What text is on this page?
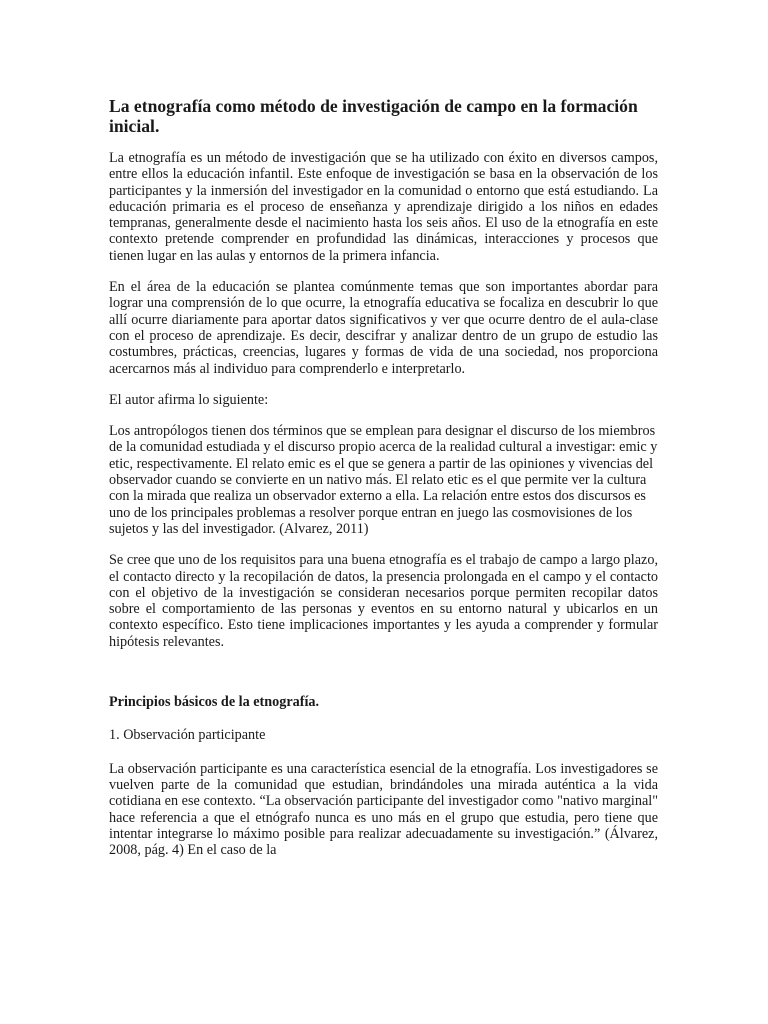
La etnografía como método de investigación de campo en la formación inicial.

La etnografía es un método de investigación que se ha utilizado con éxito en diversos campos, entre ellos la educación infantil. Este enfoque de investigación se basa en la observación de los participantes y la inmersión del investigador en la comunidad o entorno que está estudiando. La educación primaria es el proceso de enseñanza y aprendizaje dirigido a los niños en edades tempranas, generalmente desde el nacimiento hasta los seis años. El uso de la etnografía en este contexto pretende comprender en profundidad las dinámicas, interacciones y procesos que tienen lugar en las aulas y entornos de la primera infancia.

En el área de la educación se plantea comúnmente temas que son importantes abordar para lograr una comprensión de lo que ocurre, la etnografía educativa se focaliza en descubrir lo que allí ocurre diariamente para aportar datos significativos y ver que ocurre dentro de el aula-clase con el proceso de aprendizaje. Es decir, descifrar y analizar dentro de un grupo de estudio las costumbres, prácticas, creencias, lugares y formas de vida de una sociedad, nos proporciona acercarnos más al individuo para comprenderlo e interpretarlo.

El autor afirma lo siguiente:

Los antropólogos tienen dos términos que se emplean para designar el discurso de los miembros de la comunidad estudiada y el discurso propio acerca de la realidad cultural a investigar: emic y etic, respectivamente. El relato emic es el que se genera a partir de las opiniones y vivencias del observador cuando se convierte en un nativo más. El relato etic es el que permite ver la cultura con la mirada que realiza un observador externo a ella. La relación entre estos dos discursos es uno de los principales problemas a resolver porque entran en juego las cosmovisiones de los sujetos y las del investigador. (Alvarez, 2011)

Se cree que uno de los requisitos para una buena etnografía es el trabajo de campo a largo plazo, el contacto directo y la recopilación de datos, la presencia prolongada en el campo y el contacto con el objetivo de la investigación se consideran necesarios porque permiten recopilar datos sobre el comportamiento de las personas y eventos en su entorno natural y ubicarlos en un contexto específico. Esto tiene implicaciones importantes y les ayuda a comprender y formular hipótesis relevantes.

Principios básicos de la etnografía.
1. Observación participante

La observación participante es una característica esencial de la etnografía. Los investigadores se vuelven parte de la comunidad que estudian, brindándoles una mirada auténtica a la vida cotidiana en ese contexto. “La observación participante del investigador como "nativo marginal" hace referencia a que el etnógrafo nunca es uno más en el grupo que estudia, pero tiene que intentar integrarse lo máximo posible para realizar adecuadamente su investigación.” (Álvarez, 2008, pág. 4) En el caso de la
